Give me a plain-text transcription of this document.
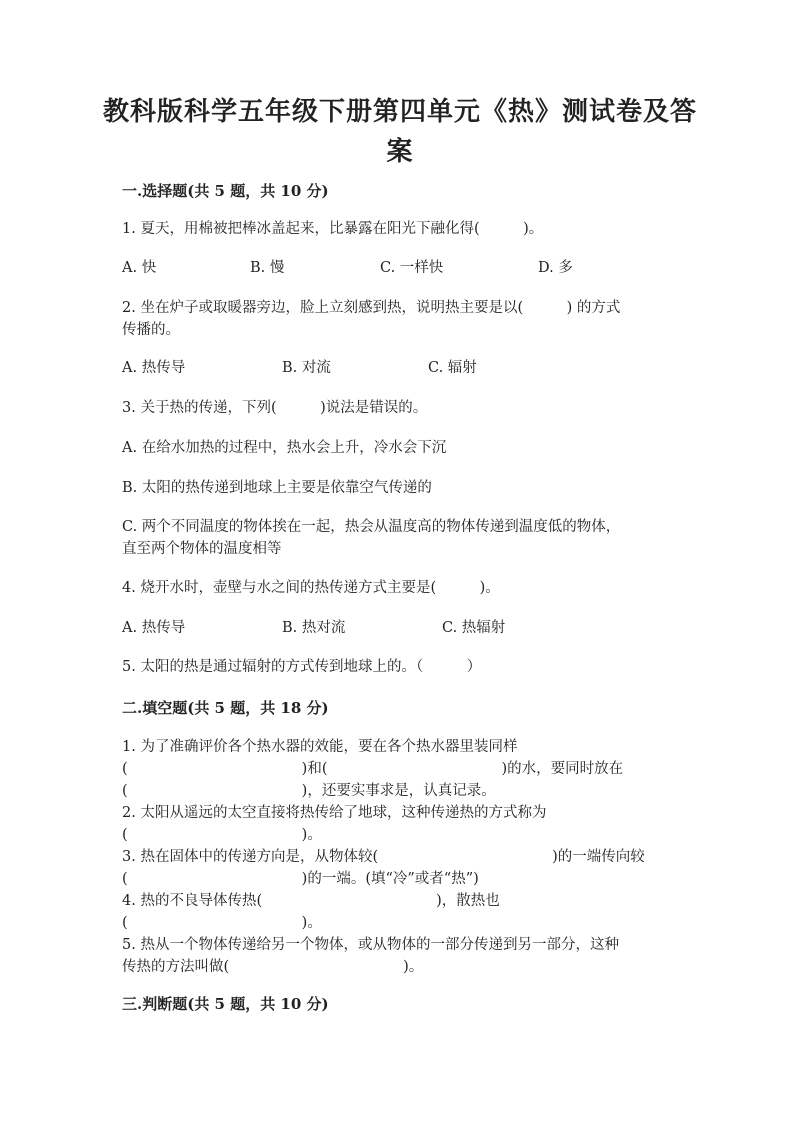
教科版科学五年级下册第四单元《热》测试卷及答案
一.选择题(共 5 题，共 10 分)
1. 夏天，用棉被把棒冰盖起来，比暴露在阳光下融化得(　　　)。
A. 快	B. 慢	C. 一样快	D. 多
2. 坐在炉子或取暖器旁边，脸上立刻感到热，说明热主要是以(　　　) 的方式
传播的。
A. 热传导	B. 对流	C. 辐射
3. 关于热的传递，下列(　　　)说法是错误的。
A. 在给水加热的过程中，热水会上升，冷水会下沉
B. 太阳的热传递到地球上主要是依靠空气传递的
C. 两个不同温度的物体挨在一起，热会从温度高的物体传递到温度低的物体，
直至两个物体的温度相等
4. 烧开水时，壶壁与水之间的热传递方式主要是(　　　)。
A. 热传导	B. 热对流	C. 热辐射
5. 太阳的热是通过辐射的方式传到地球上的。（　　　）
二.填空题(共 5 题，共 18 分)
1. 为了准确评价各个热水器的效能，要在各个热水器里装同样
(　　　　　　　　　　　　)和(　　　　　　　　　　　　)的水，要同时放在
(　　　　　　　　　　　　)，还要实事求是，认真记录。
2. 太阳从遥远的太空直接将热传给了地球，这种传递热的方式称为
(　　　　　　　　　　　　)。
3. 热在固体中的传递方向是，从物体较(　　　　　　　　　　　　)的一端传向较
(　　　　　　　　　　　　)的一端。(填“冷”或者“热”)
4. 热的不良导体传热(　　　　　　　　　　　　)，散热也
(　　　　　　　　　　　　)。
5. 热从一个物体传递给另一个物体，或从物体的一部分传递到另一部分，这种
传热的方法叫做(　　　　　　　　　　　　)。
三.判断题(共 5 题，共 10 分)
